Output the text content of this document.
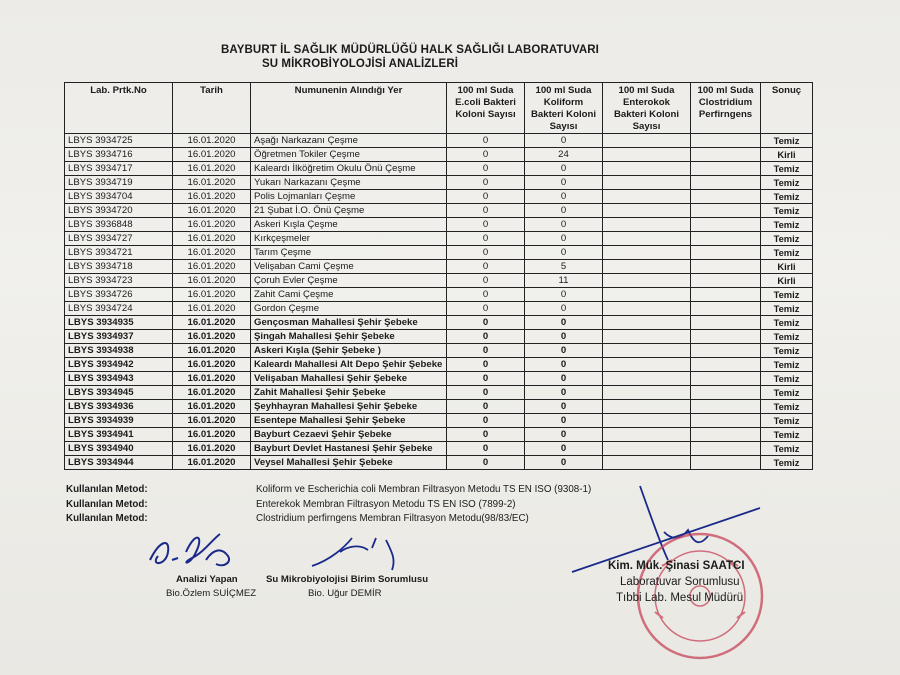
BAYBURT İL SAĞLIK MÜDÜRLÜĞÜ HALK SAĞLIĞI LABORATUVARI
SU MİKROBİYOLOJİSİ ANALİZLERİ
Lab. Prtk.No	Tarih	Numunenin Alındığı Yer	100 ml Suda E.coli Bakteri Koloni Sayısı	100 ml Suda Koliform Bakteri Koloni Sayısı	100 ml Suda Enterokok Bakteri Koloni Sayısı	100 ml Suda Clostridium Perfirngens	Sonuç
LBYS 3934725	16.01.2020	Aşağı Narkazanı Çeşme	0	0			Temiz
LBYS 3934716	16.01.2020	Öğretmen Tokiler Çeşme	0	24			Kirli
LBYS 3934717	16.01.2020	Kaleardı İlköğretim Okulu Önü Çeşme	0	0			Temiz
LBYS 3934719	16.01.2020	Yukarı Narkazanı Çeşme	0	0			Temiz
LBYS 3934704	16.01.2020	Polis Lojmanları Çeşme	0	0			Temiz
LBYS 3934720	16.01.2020	21 Şubat İ.O. Önü Çeşme	0	0			Temiz
LBYS 3936848	16.01.2020	Askeri Kışla Çeşme	0	0			Temiz
LBYS 3934727	16.01.2020	Kırkçeşmeler	0	0			Temiz
LBYS 3934721	16.01.2020	Tarım Çeşme	0	0			Temiz
LBYS 3934718	16.01.2020	Velişaban Cami Çeşme	0	5			Kirli
LBYS 3934723	16.01.2020	Çoruh Evler Çeşme	0	11			Kirli
LBYS 3934726	16.01.2020	Zahit Cami Çeşme	0	0			Temiz
LBYS 3934724	16.01.2020	Gordon Çeşme	0	0			Temiz
LBYS 3934935	16.01.2020	Gençosman Mahallesi Şehir Şebeke	0	0			Temiz
LBYS 3934937	16.01.2020	Şingah Mahallesi Şehir Şebeke	0	0			Temiz
LBYS 3934938	16.01.2020	Askeri Kışla (Şehir Şebeke )	0	0			Temiz
LBYS 3934942	16.01.2020	Kaleardı Mahallesi Alt Depo Şehir Şebeke	0	0			Temiz
LBYS 3934943	16.01.2020	Velişaban Mahallesi Şehir Şebeke	0	0			Temiz
LBYS 3934945	16.01.2020	Zahit Mahallesi Şehir Şebeke	0	0			Temiz
LBYS 3934936	16.01.2020	Şeyhhayran Mahallesi Şehir Şebeke	0	0			Temiz
LBYS 3934939	16.01.2020	Esentepe Mahallesi Şehir Şebeke	0	0			Temiz
LBYS 3934941	16.01.2020	Bayburt Cezaevi Şehir Şebeke	0	0			Temiz
LBYS 3934940	16.01.2020	Bayburt Devlet Hastanesi Şehir Şebeke	0	0			Temiz
LBYS 3934944	16.01.2020	Veysel Mahallesi Şehir Şebeke	0	0			Temiz
Kullanılan Metod:	Koliform ve Escherichia coli Membran Filtrasyon Metodu TS EN ISO (9308-1)
Kullanılan Metod:	Enterekok Membran Filtrasyon Metodu TS EN ISO (7899-2)
Kullanılan Metod:	Clostridium perfirngens Membran Filtrasyon Metodu(98/83/EC)
Analizi Yapan
Bio.Özlem SUİÇMEZ
Su Mikrobiyolojisi Birim Sorumlusu
Bio. Uğur DEMİR
Kim. Mük. Şinasi SAATCI
Laboratuvar Sorumlusu
Tıbbi Lab. Mesul Müdürü
